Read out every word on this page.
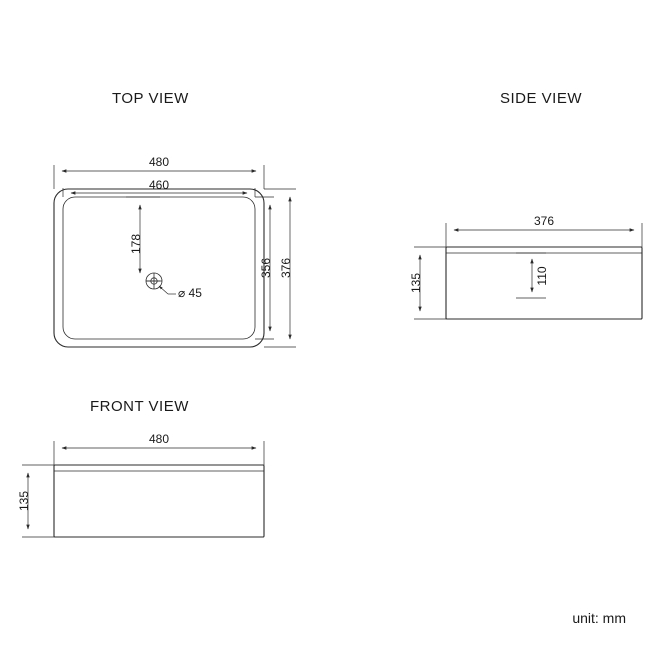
TOP VIEW	SIDE VIEW
FRONT VIEW
480
460
376
356
178
⌀ 45
376
135	110
480
135
unit: mm
